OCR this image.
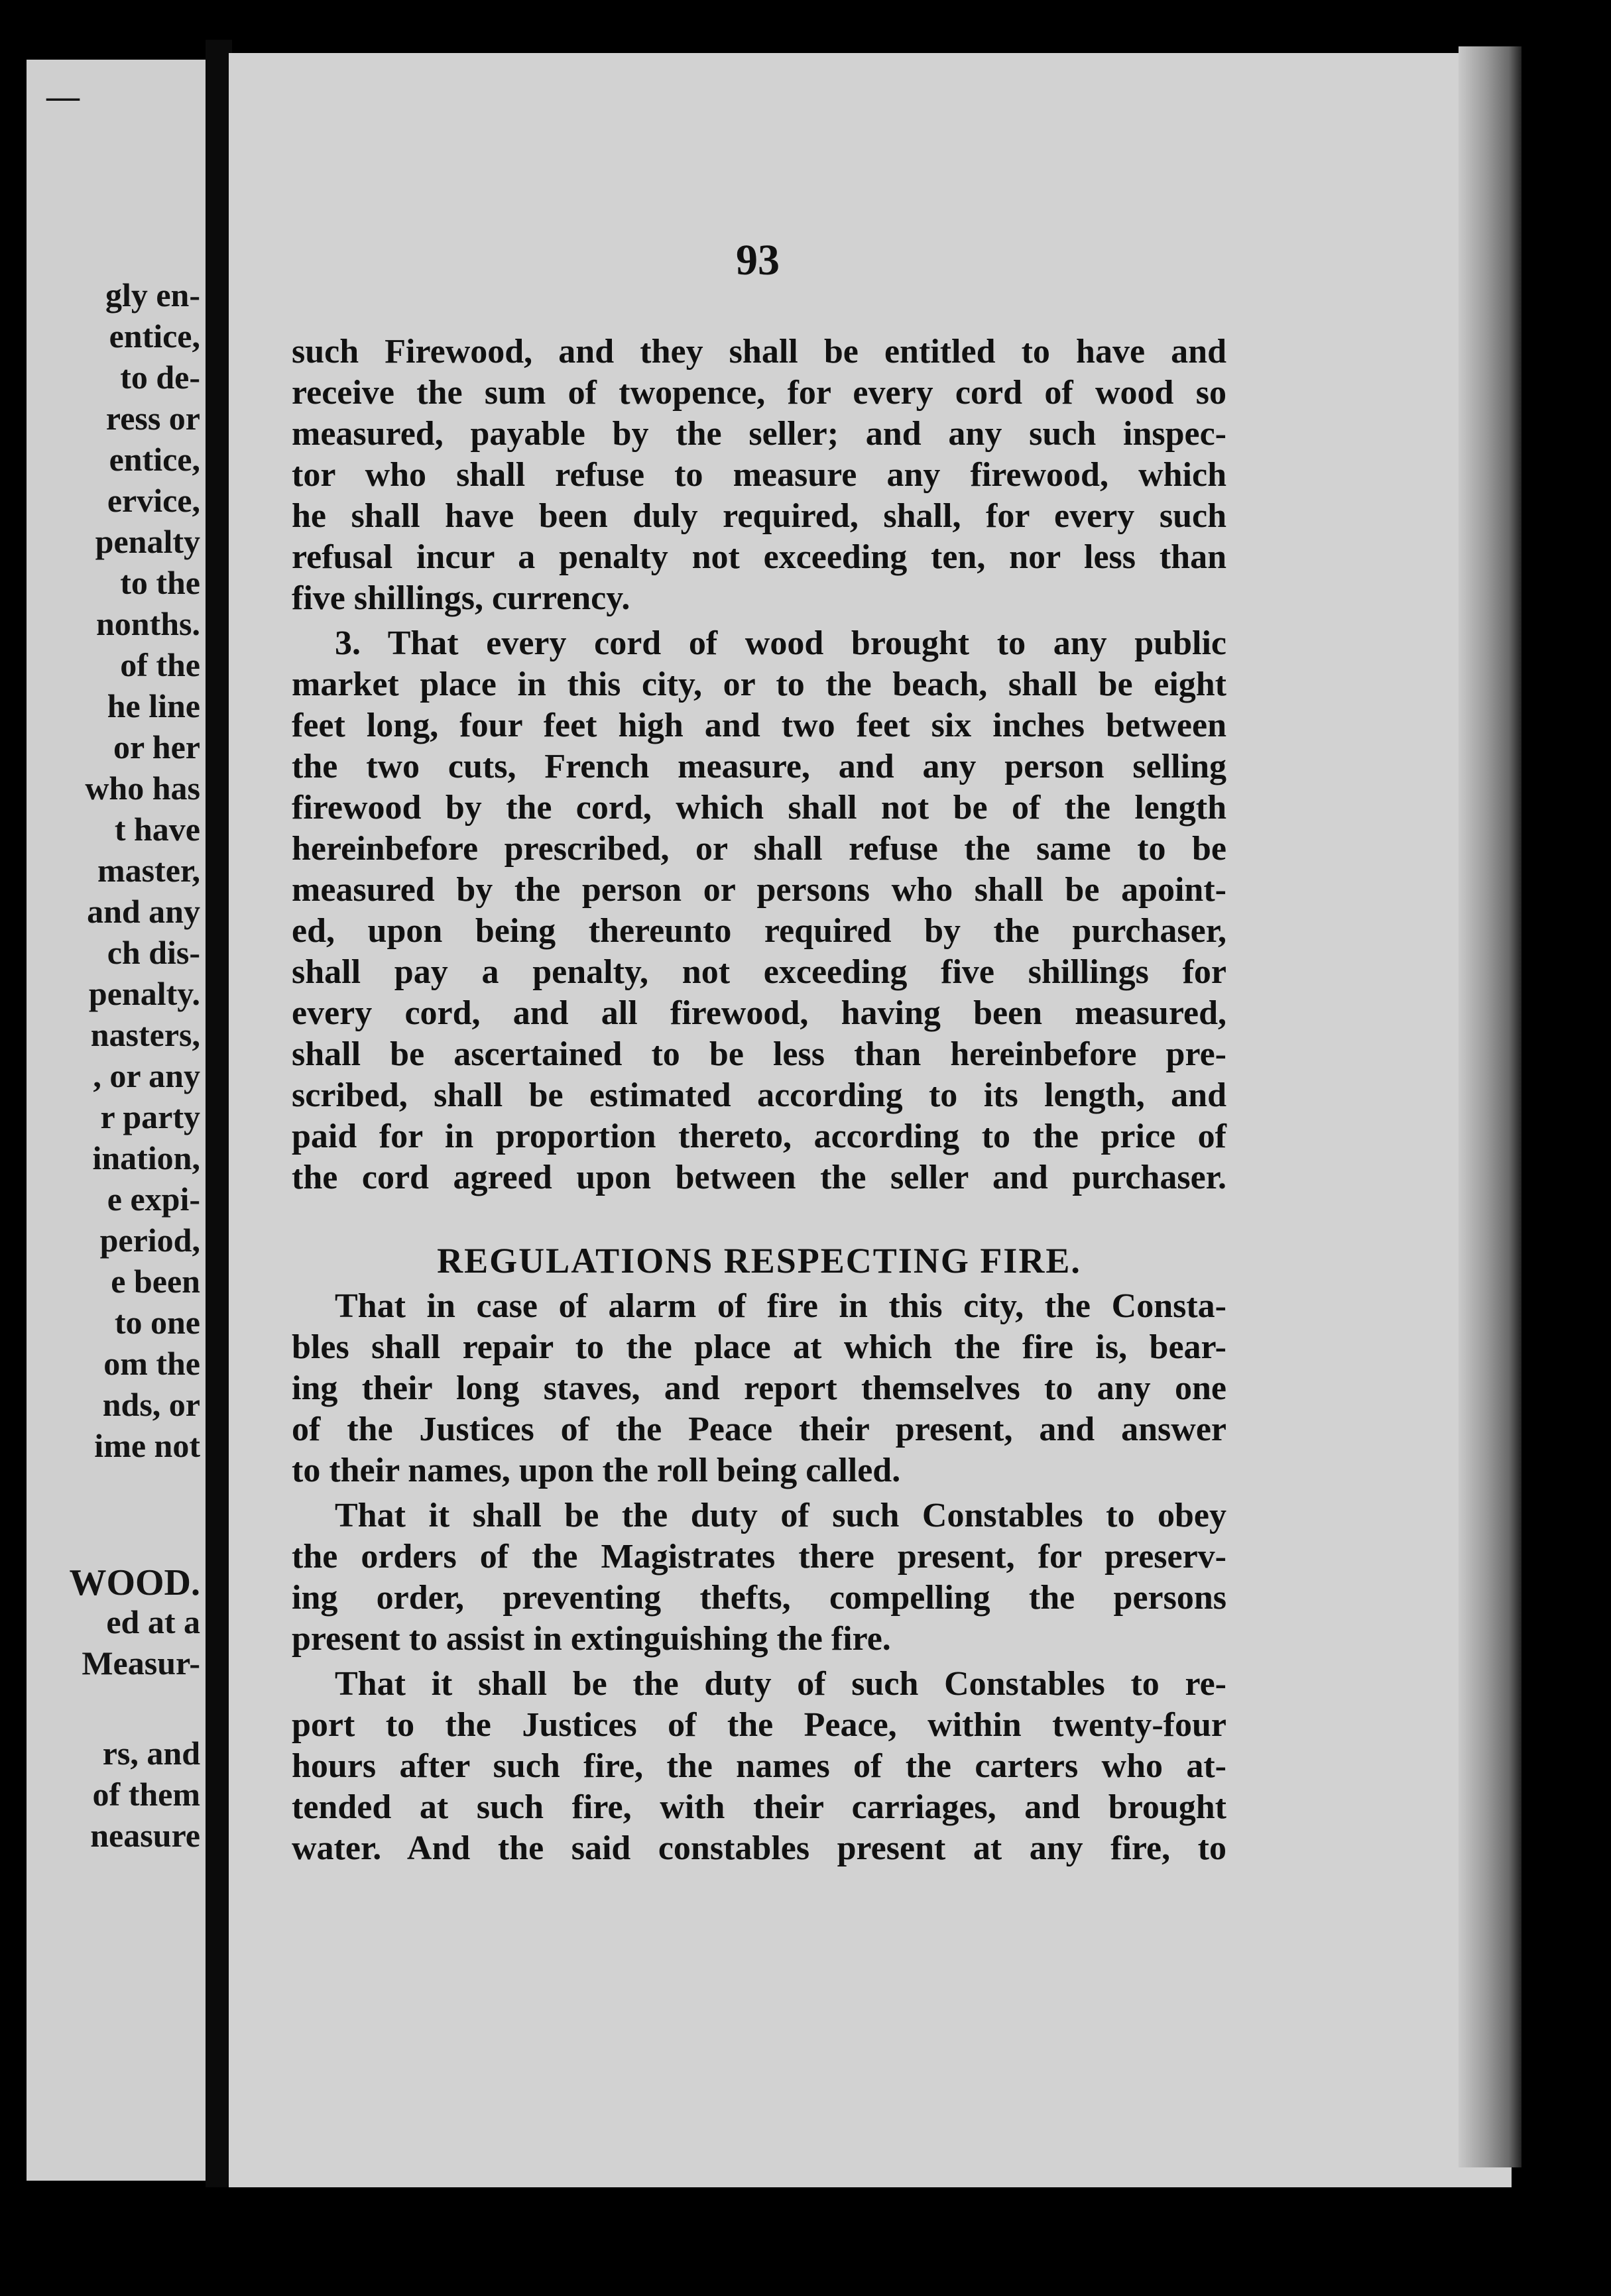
—
gly en-
entice,
to de-
ress or
entice,
ervice,
penalty
to the
nonths.
of the
he line
or her
who has
t have
master,
and any
ch dis-
penalty.
nasters,
, or any
r party
ination,
e expi-
period,
e been
to one
om the
nds, or
ime not
WOOD.
ed at a
Measur-
rs, and
of them
neasure
93
such Firewood, and they shall be entitled to have and
receive the sum of twopence, for every cord of wood so
measured, payable by the seller; and any such inspec-
tor who shall refuse to measure any firewood, which
he shall have been duly required, shall, for every such
refusal incur a penalty not exceeding ten, nor less than
five shillings, currency.
3. That every cord of wood brought to any public
market place in this city, or to the beach, shall be eight
feet long, four feet high and two feet six inches between
the two cuts, French measure, and any person selling
firewood by the cord, which shall not be of the length
hereinbefore prescribed, or shall refuse the same to be
measured by the person or persons who shall be apoint-
ed, upon being thereunto required by the purchaser,
shall pay a penalty, not exceeding five shillings for
every cord, and all firewood, having been measured,
shall be ascertained to be less than hereinbefore pre-
scribed, shall be estimated according to its length, and
paid for in proportion thereto, according to the price of
the cord agreed upon between the seller and purchaser.
REGULATIONS RESPECTING FIRE.
That in case of alarm of fire in this city, the Consta-
bles shall repair to the place at which the fire is, bear-
ing their long staves, and report themselves to any one
of the Justices of the Peace their present, and answer
to their names, upon the roll being called.
That it shall be the duty of such Constables to obey
the orders of the Magistrates there present, for preserv-
ing order, preventing thefts, compelling the persons
present to assist in extinguishing the fire.
That it shall be the duty of such Constables to re-
port to the Justices of the Peace, within twenty-four
hours after such fire, the names of the carters who at-
tended at such fire, with their carriages, and brought
water. And the said constables present at any fire, to
